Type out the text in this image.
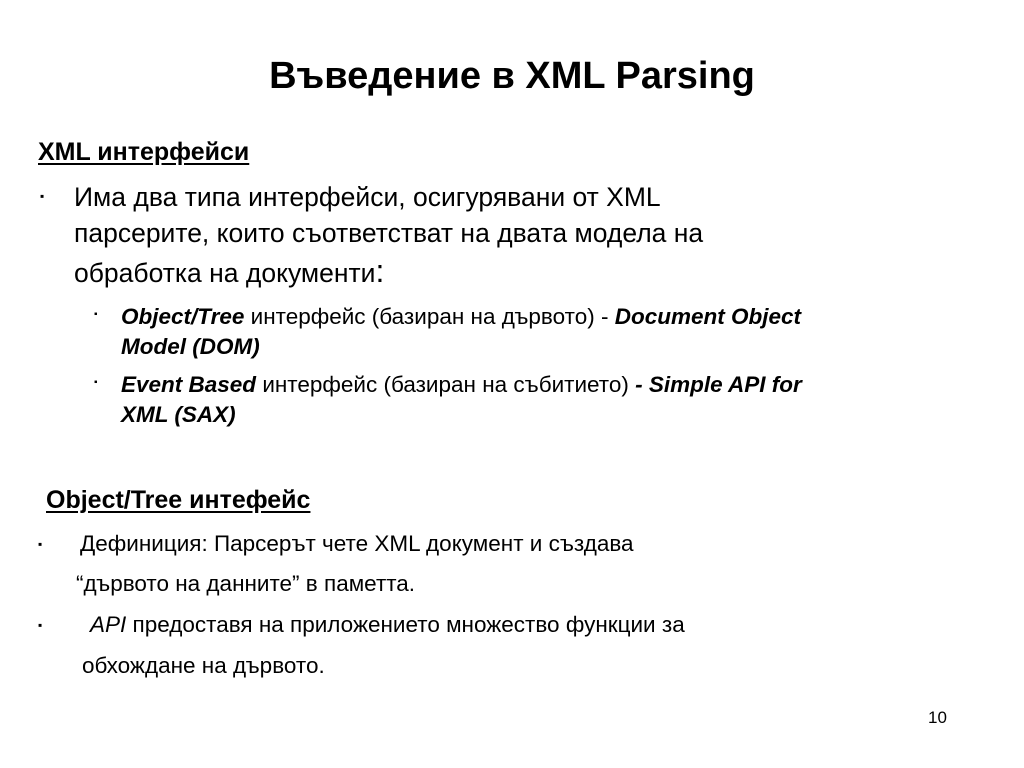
Въведение в XML Parsing
XML интерфейси
▪ Има два типа интерфейси, осигурявани от XML
парсерите, които съответстват на двата модела на
обработка на документи:
▪ Object/Tree интерфейс (базиран на дървото) - Document Object
Model (DOM)
▪ Event Based интерфейс (базиран на събитието) - Simple API for
XML (SAX)
Object/Tree интефейс
▪ Дефиниция: Парсерът чете XML документ и създава
“дървото на данните” в паметта.
▪ API предоставя на приложението множество функции за
обхождане на дървото.
10
